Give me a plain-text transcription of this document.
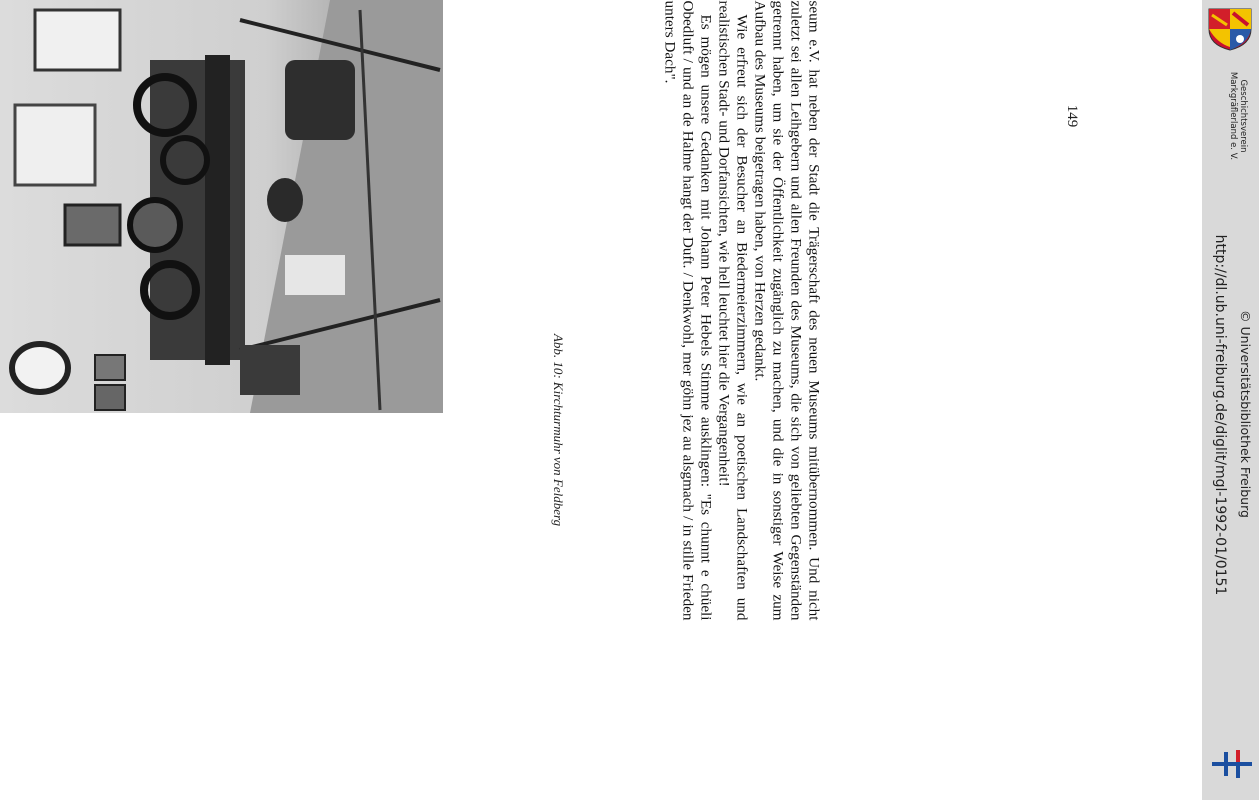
Abb. 10: Kirchturmuhr von Feldberg	seum e.V. hat neben der Stadt die Trägerschaft des neuen Museums mitübernommen. Und nicht zuletzt sei allen Leihgebern und allen Freunden des Museums, die sich von geliebten Gegenständen getrennt haben, um sie der Öffentlichkeit zugänglich zu machen, und die in sonstiger Weise zum Aufbau des Museums beigetragen haben, von Herzen gedankt.

Wie erfreut sich der Besucher an Biedermeierzimmern, wie an poetischen Landschaften und realistischen Stadt- und Dorfansichten, wie hell leuchtet hier die Vergangenheit!

Es mögen unsere Gedanken mit Johann Peter Hebels Stimme ausklingen: "Es chunnt e chüeli Obedluft / und an de Halme hangt der Duft. / Denkwohl, mer göhn jez au alsgmach / in stille Frieden unters Dach".

149	Geschichtsverein
Markgräflerland e. V.
http://dl.ub.uni-freiburg.de/diglit/mgl-1992-01/0151 © Universitätsbibliothek Freiburg
